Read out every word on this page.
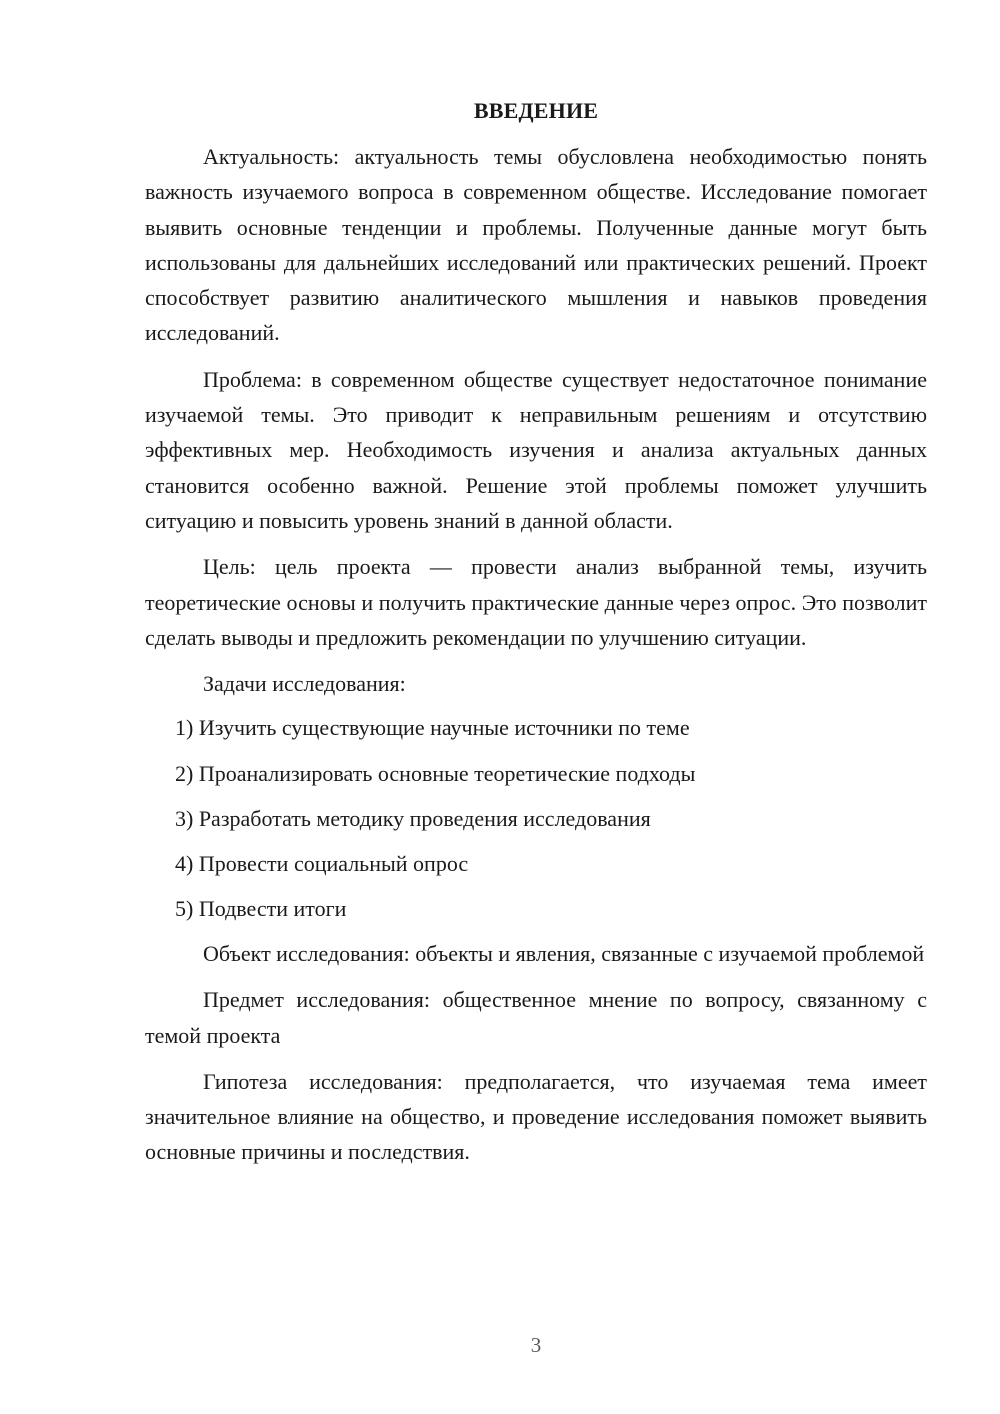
ВВЕДЕНИЕ

Актуальность: актуальность темы обусловлена необходимостью понять важность изучаемого вопроса в современном обществе. Исследование помогает выявить основные тенденции и проблемы. Полученные данные могут быть использованы для дальнейших исследований или практических решений. Проект способствует развитию аналитического мышления и навыков проведения исследований.

Проблема: в современном обществе существует недостаточное понимание изучаемой темы. Это приводит к неправильным решениям и отсутствию эффективных мер. Необходимость изучения и анализа актуальных данных становится особенно важной. Решение этой проблемы поможет улучшить ситуацию и повысить уровень знаний в данной области.

Цель: цель проекта — провести анализ выбранной темы, изучить теоретические основы и получить практические данные через опрос. Это позволит сделать выводы и предложить рекомендации по улучшению ситуации.

Задачи исследования:

1) Изучить существующие научные источники по теме
2) Проанализировать основные теоретические подходы
3) Разработать методику проведения исследования
4) Провести социальный опрос
5) Подвести итоги

Объект исследования: объекты и явления, связанные с изучаемой проблемой

Предмет исследования: общественное мнение по вопросу, связанному с темой проекта

Гипотеза исследования: предполагается, что изучаемая тема имеет значительное влияние на общество, и проведение исследования поможет выявить основные причины и последствия.

3
